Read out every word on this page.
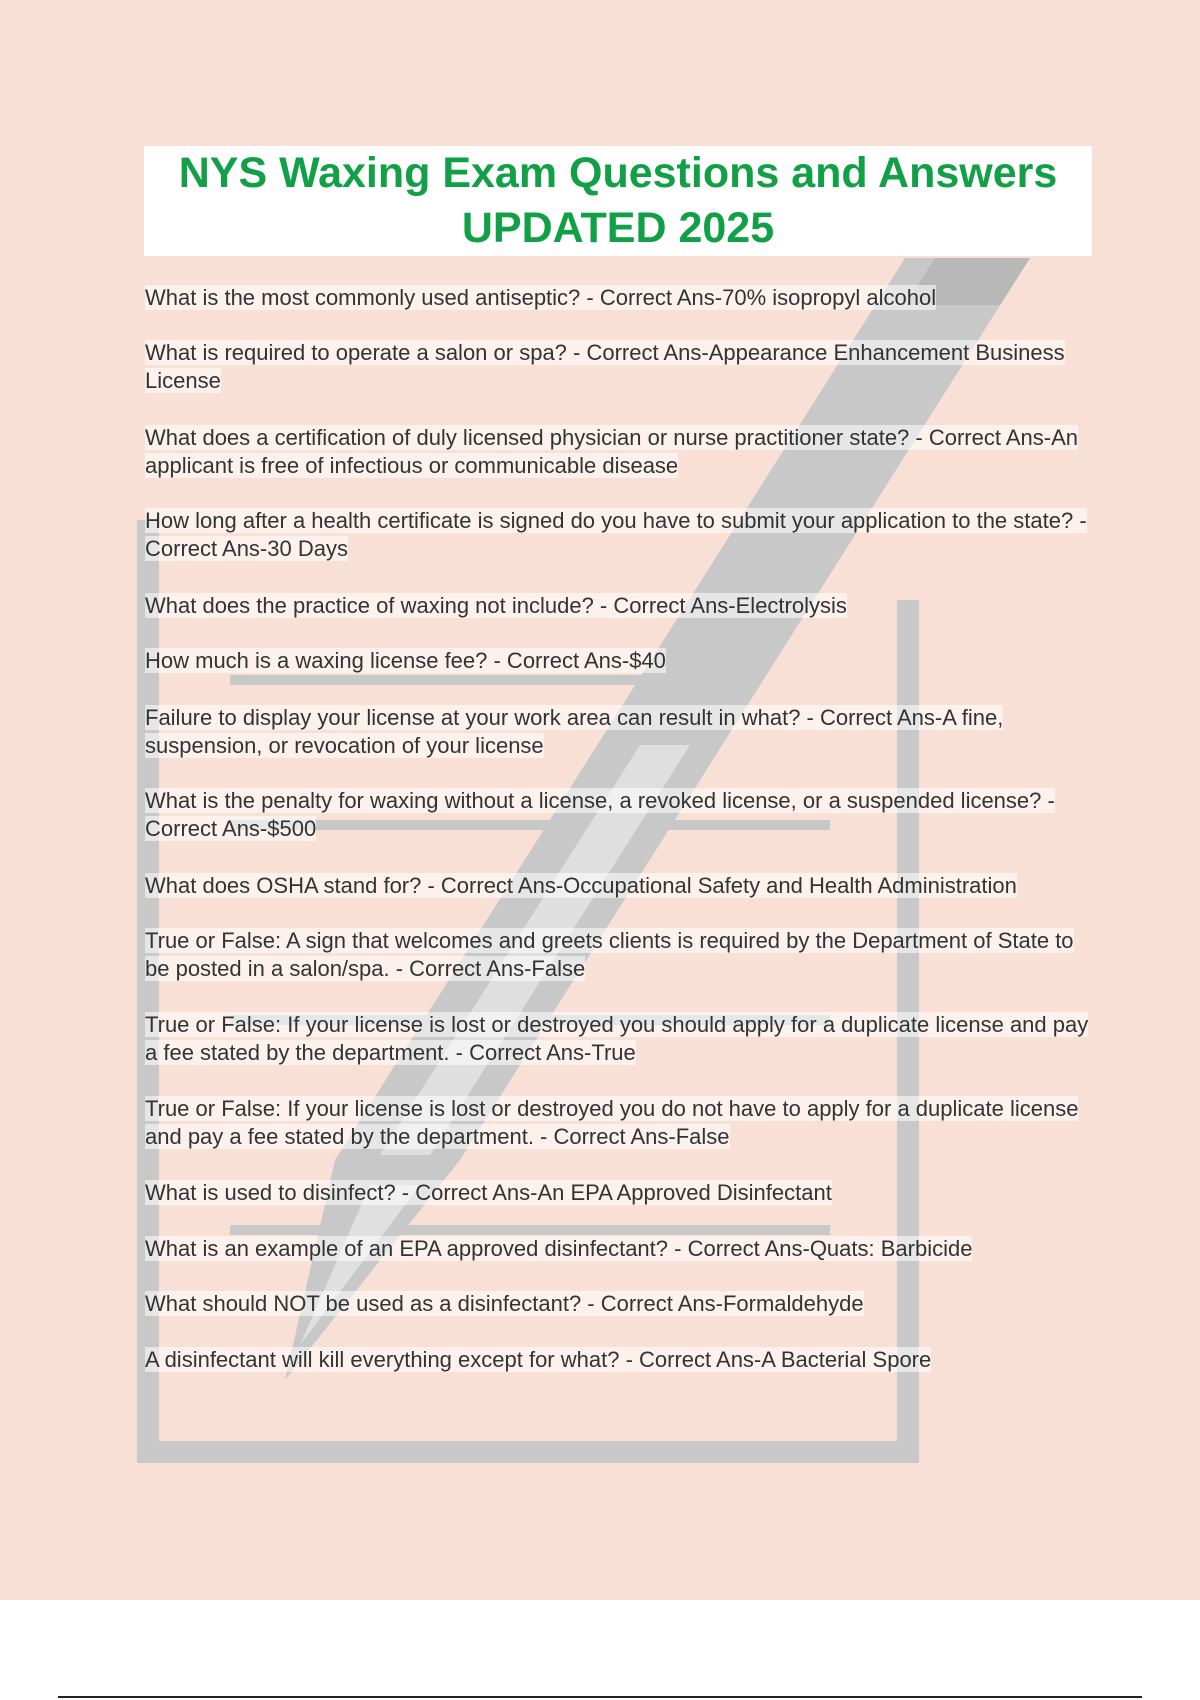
NYS Waxing Exam Questions and Answers UPDATED 2025

What is the most commonly used antiseptic? - Correct Ans-70% isopropyl alcohol

What is required to operate a salon or spa? - Correct Ans-Appearance Enhancement Business License

What does a certification of duly licensed physician or nurse practitioner state? - Correct Ans-An applicant is free of infectious or communicable disease

How long after a health certificate is signed do you have to submit your application to the state? - Correct Ans-30 Days

What does the practice of waxing not include? - Correct Ans-Electrolysis

How much is a waxing license fee? - Correct Ans-$40

Failure to display your license at your work area can result in what? - Correct Ans-A fine, suspension, or revocation of your license

What is the penalty for waxing without a license, a revoked license, or a suspended license? - Correct Ans-$500

What does OSHA stand for? - Correct Ans-Occupational Safety and Health Administration

True or False: A sign that welcomes and greets clients is required by the Department of State to be posted in a salon/spa. - Correct Ans-False

True or False: If your license is lost or destroyed you should apply for a duplicate license and pay a fee stated by the department. - Correct Ans-True

True or False: If your license is lost or destroyed you do not have to apply for a duplicate license and pay a fee stated by the department. - Correct Ans-False

What is used to disinfect? - Correct Ans-An EPA Approved Disinfectant

What is an example of an EPA approved disinfectant? - Correct Ans-Quats: Barbicide

What should NOT be used as a disinfectant? - Correct Ans-Formaldehyde

A disinfectant will kill everything except for what? - Correct Ans-A Bacterial Spore
